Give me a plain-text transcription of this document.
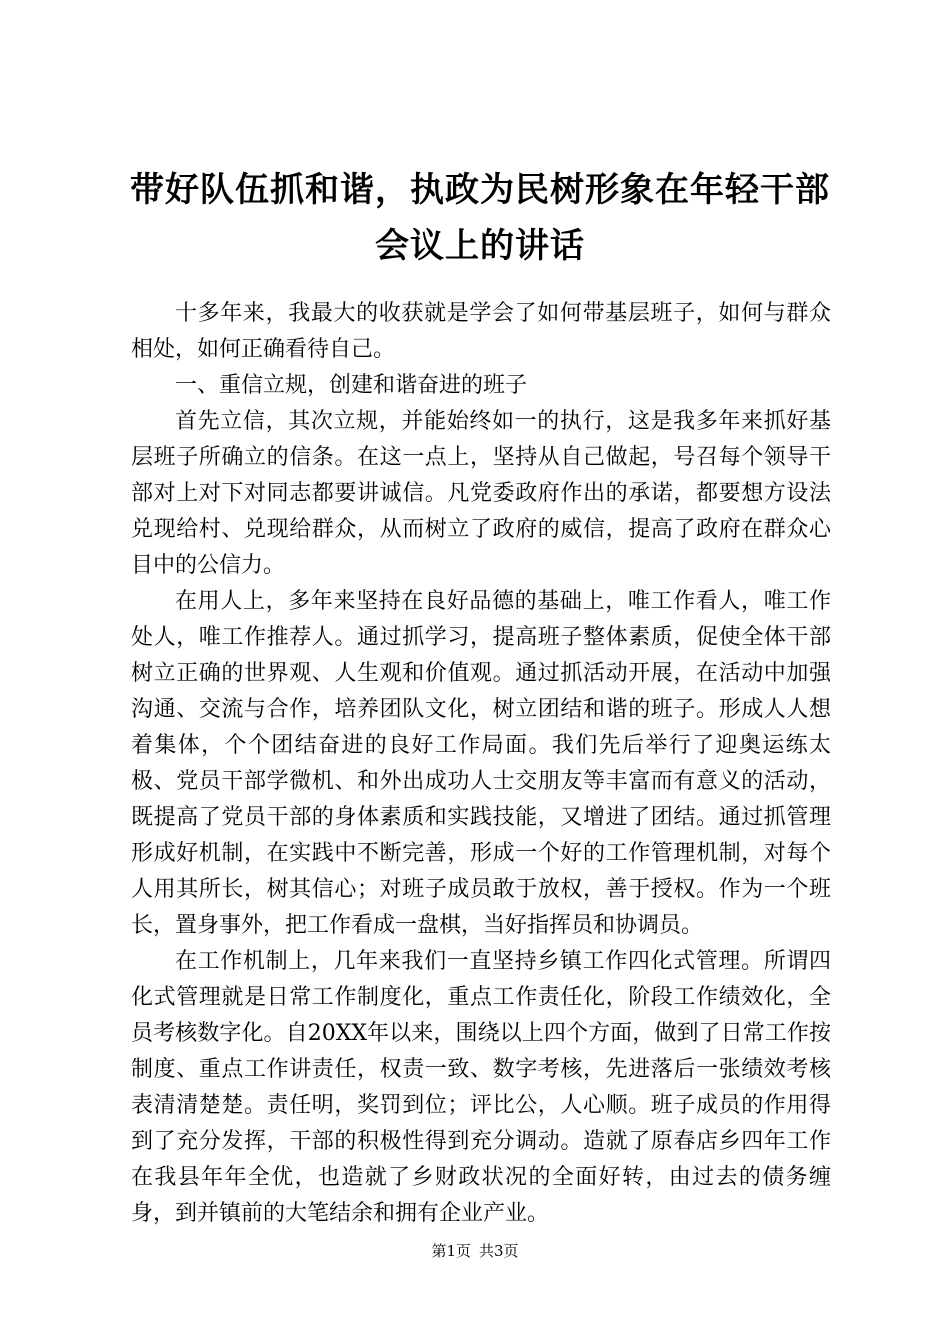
带好队伍抓和谐，执政为民树形象在年轻干部会议上的讲话

十多年来，我最大的收获就是学会了如何带基层班子，如何与群众相处，如何正确看待自己。

一、重信立规，创建和谐奋进的班子

首先立信，其次立规，并能始终如一的执行，这是我多年来抓好基层班子所确立的信条。在这一点上，坚持从自己做起，号召每个领导干部对上对下对同志都要讲诚信。凡党委政府作出的承诺，都要想方设法兑现给村、兑现给群众，从而树立了政府的威信，提高了政府在群众心目中的公信力。

在用人上，多年来坚持在良好品德的基础上，唯工作看人，唯工作处人，唯工作推荐人。通过抓学习，提高班子整体素质，促使全体干部树立正确的世界观、人生观和价值观。通过抓活动开展，在活动中加强沟通、交流与合作，培养团队文化，树立团结和谐的班子。形成人人想着集体，个个团结奋进的良好工作局面。我们先后举行了迎奥运练太极、党员干部学微机、和外出成功人士交朋友等丰富而有意义的活动，既提高了党员干部的身体素质和实践技能，又增进了团结。通过抓管理形成好机制，在实践中不断完善，形成一个好的工作管理机制，对每个人用其所长，树其信心；对班子成员敢于放权，善于授权。作为一个班长，置身事外，把工作看成一盘棋，当好指挥员和协调员。

在工作机制上，几年来我们一直坚持乡镇工作四化式管理。所谓四化式管理就是日常工作制度化，重点工作责任化，阶段工作绩效化，全员考核数字化。自20XX年以来，围绕以上四个方面，做到了日常工作按制度、重点工作讲责任，权责一致、数字考核，先进落后一张绩效考核表清清楚楚。责任明，奖罚到位；评比公，人心顺。班子成员的作用得到了充分发挥，干部的积极性得到充分调动。造就了原春店乡四年工作在我县年年全优，也造就了乡财政状况的全面好转，由过去的债务缠身，到并镇前的大笔结余和拥有企业产业。

第1页 共3页
